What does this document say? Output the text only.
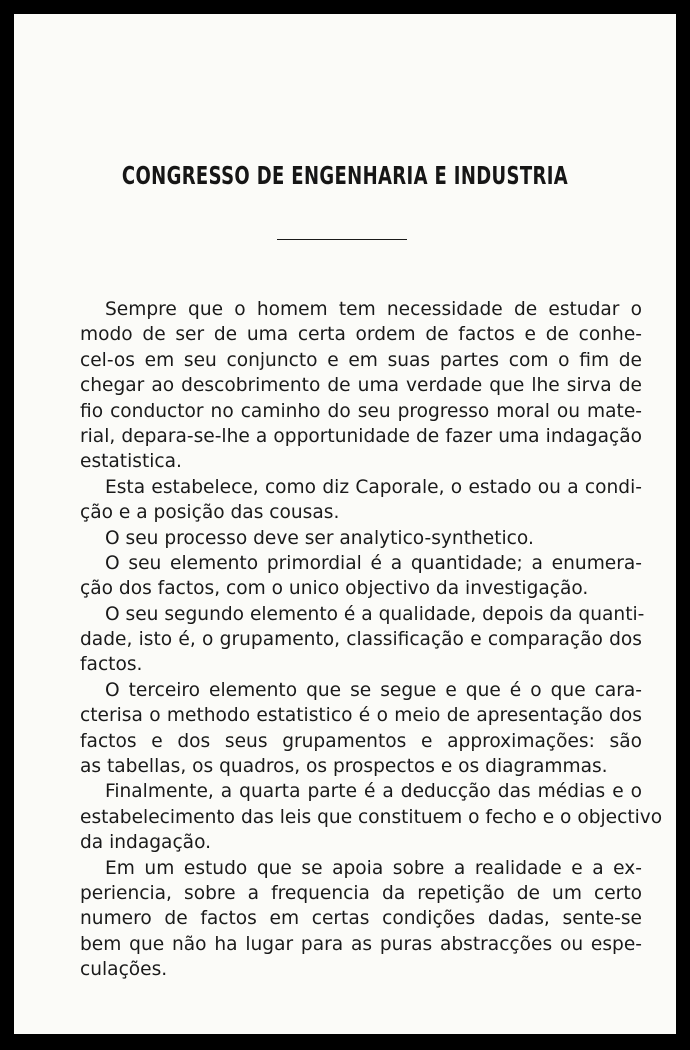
CONGRESSO DE ENGENHARIA E INDUSTRIA
Sempre que o homem tem necessidade de estudar o
modo de ser de uma certa ordem de factos e de conhe-
cel-os em seu conjuncto e em suas partes com o fim de
chegar ao descobrimento de uma verdade que lhe sirva de
fio conductor no caminho do seu progresso moral ou mate-
rial, depara-se-lhe a opportunidade de fazer uma indagação
estatistica.
Esta estabelece, como diz Caporale, o estado ou a condi-
ção e a posição das cousas.
O seu processo deve ser analytico-synthetico.
O seu elemento primordial é a quantidade; a enumera-
ção dos factos, com o unico objectivo da investigação.
O seu segundo elemento é a qualidade, depois da quanti-
dade, isto é, o grupamento, classificação e comparação dos
factos.
O terceiro elemento que se segue e que é o que cara-
cterisa o methodo estatistico é o meio de apresentação dos
factos e dos seus grupamentos e approximações: são
as tabellas, os quadros, os prospectos e os diagrammas.
Finalmente, a quarta parte é a deducção das médias e o
estabelecimento das leis que constituem o fecho e o objectivo
da indagação.
Em um estudo que se apoia sobre a realidade e a ex-
periencia, sobre a frequencia da repetição de um certo
numero de factos em certas condições dadas, sente-se
bem que não ha lugar para as puras abstracções ou espe-
culações.
